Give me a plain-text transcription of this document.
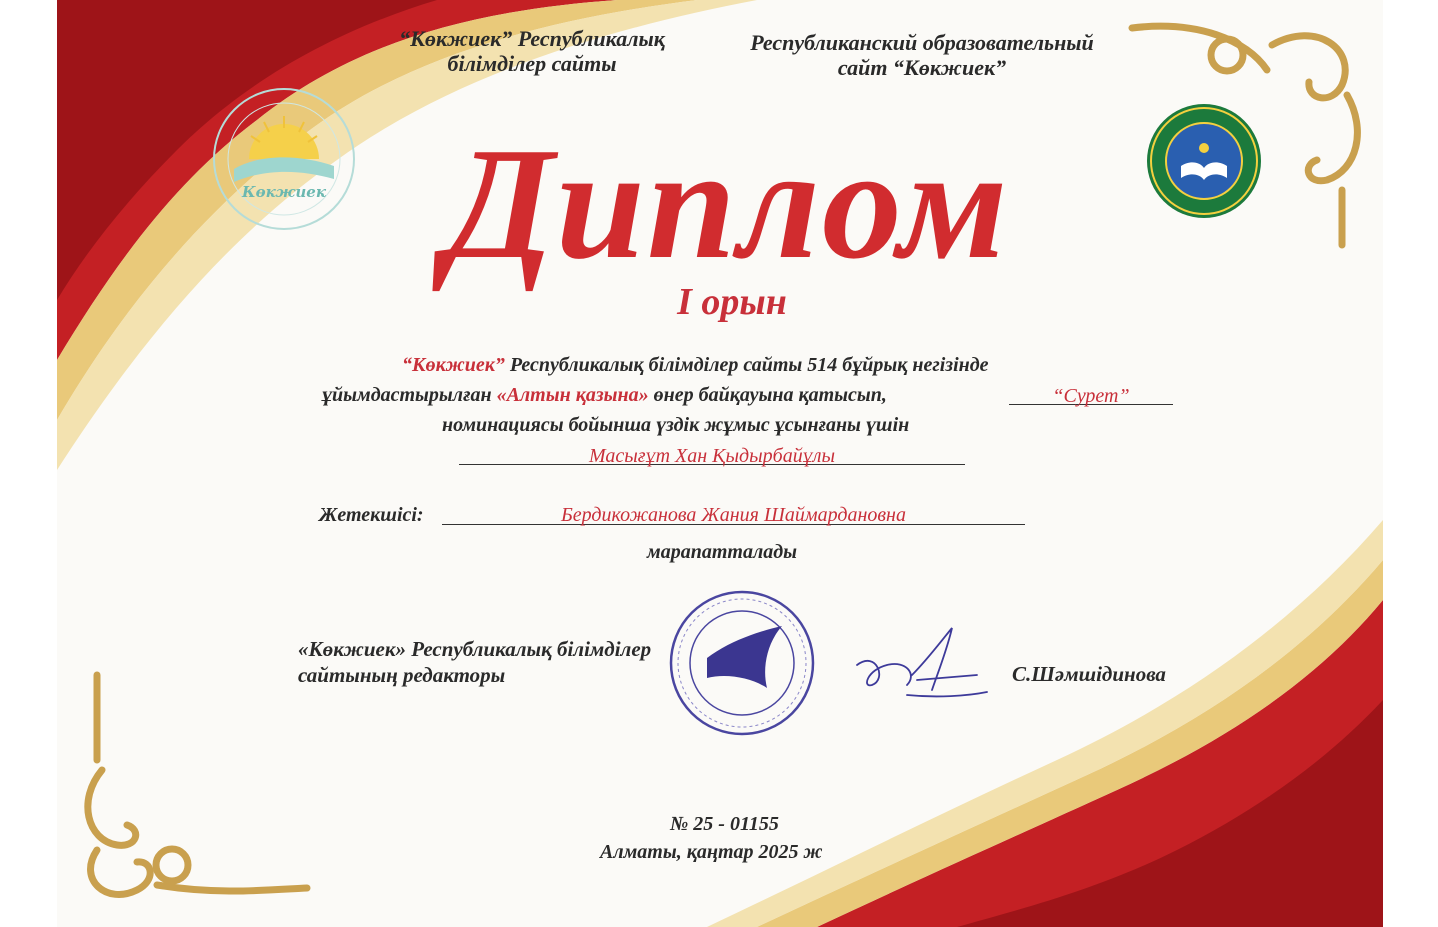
Көкжиек
“Көкжиек” Республикалық
білімділер сайты
Республиканский образовательный
сайт “Көкжиек”
Диплом
I орын
“Көкжиек” Республикалық білімділер сайты 514 бұйрық негізінде
ұйымдастырылған «Алтын қазына» өнер байқауына қатысып,	“Сурет”
номинациясы бойынша үздік жұмыс ұсынғаны үшін
Масығұт Хан Қыдырбайұлы
Жетекшісі:	Бердикожанова Жания Шаймардановна
марапатталады
«Көкжиек» Республикалық білімділер
сайтының редакторы	С.Шәмшідинова
№ 25 - 01155
Алматы, қаңтар 2025 ж
